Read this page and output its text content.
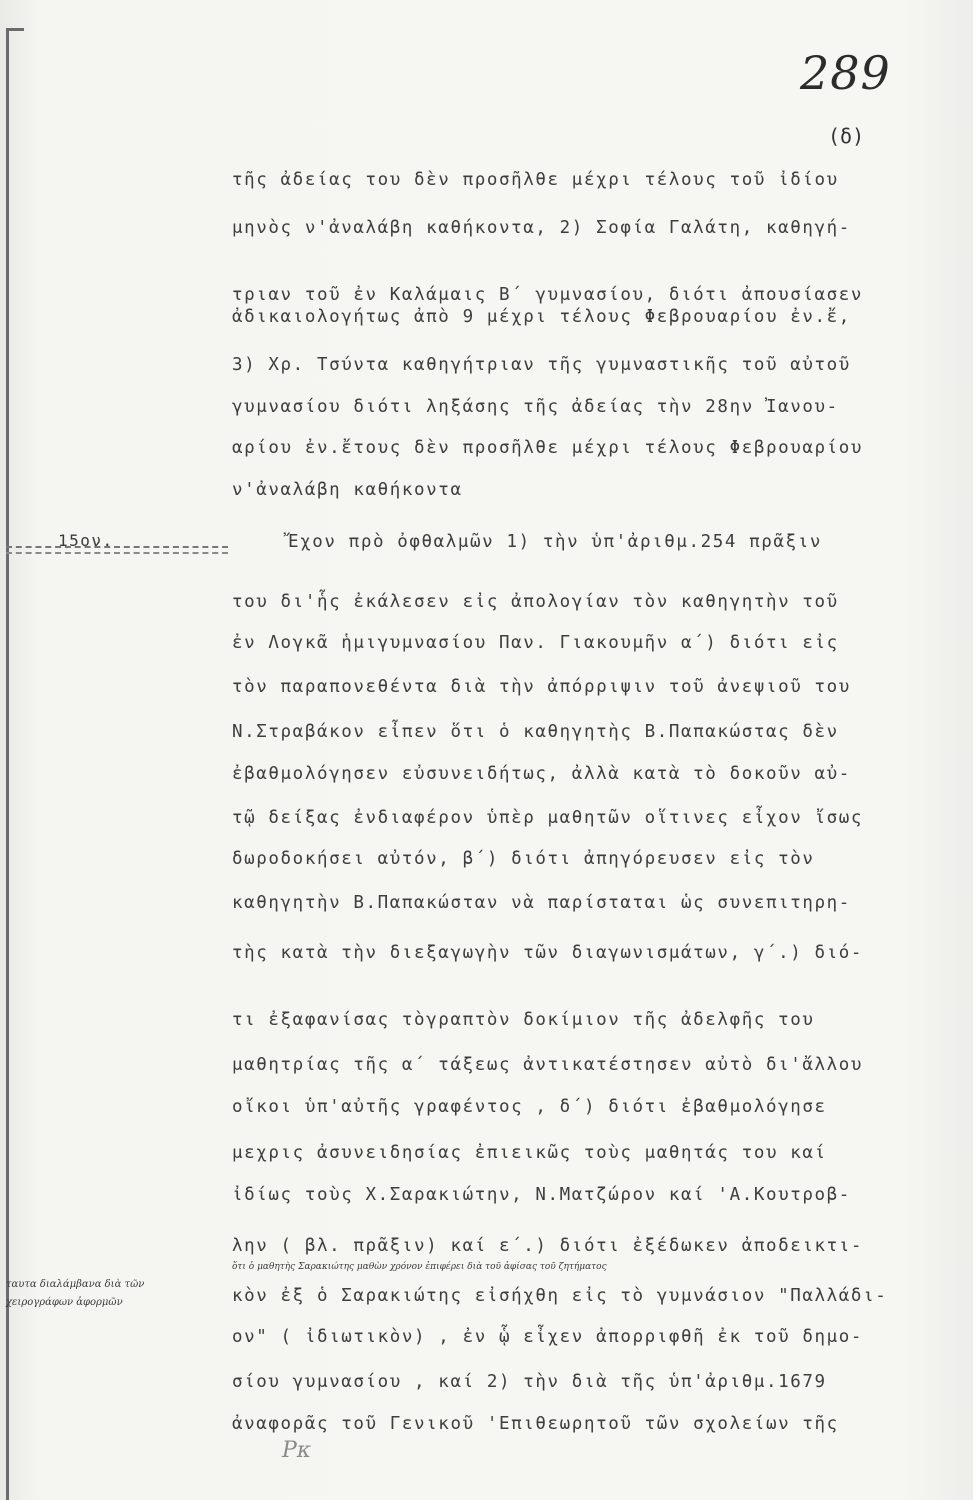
289
(δ)
15ον.
τῆς ἀδείας του δὲν προσῆλθε μέχρι τέλους τοῦ ἰδίου
μηνὸς ν'ἀναλάβη καθήκοντα, 2) Σοφία Γαλάτη, καθηγή-
τριαν τοῦ ἐν Καλάμαις Β΄ γυμνασίου, διότι ἀπουσίασεν
ἀδικαιολογήτως ἀπὸ 9 μέχρι τέλους Φεβρουαρίου ἐν.ἔ,
3) Χρ. Τσύντα καθηγήτριαν τῆς γυμναστικῆς τοῦ αὐτοῦ
γυμνασίου διότι ληξάσης τῆς ἀδείας τὴν 28ην Ἰανου-
αρίου ἐν.ἔτους δὲν προσῆλθε μέχρι τέλους Φεβρουαρίου
ν'ἀναλάβη καθήκοντα
Ἔχον πρὸ ὀφθαλμῶν 1) τὴν ὑπ'ἀριθμ.254 πρᾶξιν
του δι'ἧς ἐκάλεσεν εἰς ἀπολογίαν τὸν καθηγητὴν τοῦ
ἐν Λογκᾶ ἡμιγυμνασίου Παν. Γιακουμῆν α΄) διότι εἰς
τὸν παραπονεθέντα διὰ τὴν ἀπόρριψιν τοῦ ἀνεψιοῦ του
Ν.Στραβάκον εἶπεν ὅτι ὁ καθηγητὴς Β.Παπακώστας δὲν
ἐβαθμολόγησεν εὐσυνειδήτως, ἀλλὰ κατὰ τὸ δοκοῦν αὐ-
τῷ δείξας ἐνδιαφέρον ὑπὲρ μαθητῶν οἵτινες εἶχον ἴσως
δωροδοκήσει αὐτόν, β΄) διότι ἀπηγόρευσεν εἰς τὸν
καθηγητὴν Β.Παπακώσταν νὰ παρίσταται ὡς συνεπιτηρη-
τὴς κατὰ τὴν διεξαγωγὴν τῶν διαγωνισμάτων, γ΄.) διό-
τι ἐξαφανίσας τὸγραπτὸν δοκίμιον τῆς ἀδελφῆς του
μαθητρίας τῆς α΄ τάξεως ἀντικατέστησεν αὐτὸ δι'ἄλλου
οἴκοι ὑπ'αὐτῆς γραφέντος , δ΄) διότι ἐβαθμολόγησε
μεχρις ἀσυνειδησίας ἐπιεικῶς τοὺς μαθητάς του καί
ἰδίως τοὺς Χ.Σαρακιώτην, Ν.Ματζώρον καί 'Α.Κουτροβ-
λην ( βλ. πρᾶξιν) καί ε΄.) διότι ἐξέδωκεν ἀποδεικτι-
κὸν ἐξ ὁ Σαρακιώτης εἰσήχθη εἰς τὸ γυμνάσιον "Παλλάδι-
ον" ( ἰδιωτικὸν) , ἐν ᾧ εἶχεν ἀπορριφθῆ ἐκ τοῦ δημο-
σίου γυμνασίου , καί 2) τὴν διὰ τῆς ὑπ'ἀριθμ.1679
ἀναφορᾶς τοῦ Γενικοῦ 'Επιθεωρητοῦ τῶν σχολείων τῆς
ὅτι ὁ μαθητὴς Σαρακιώτης μαθὼν χρόνον ἐπιφέρει διὰ τοῦ ἀφίσας τοῦ ζητήματος
ταυτα διαλάμβανα διὰ τῶν
χειρογράφων ἀφορμῶν
Ρκ
